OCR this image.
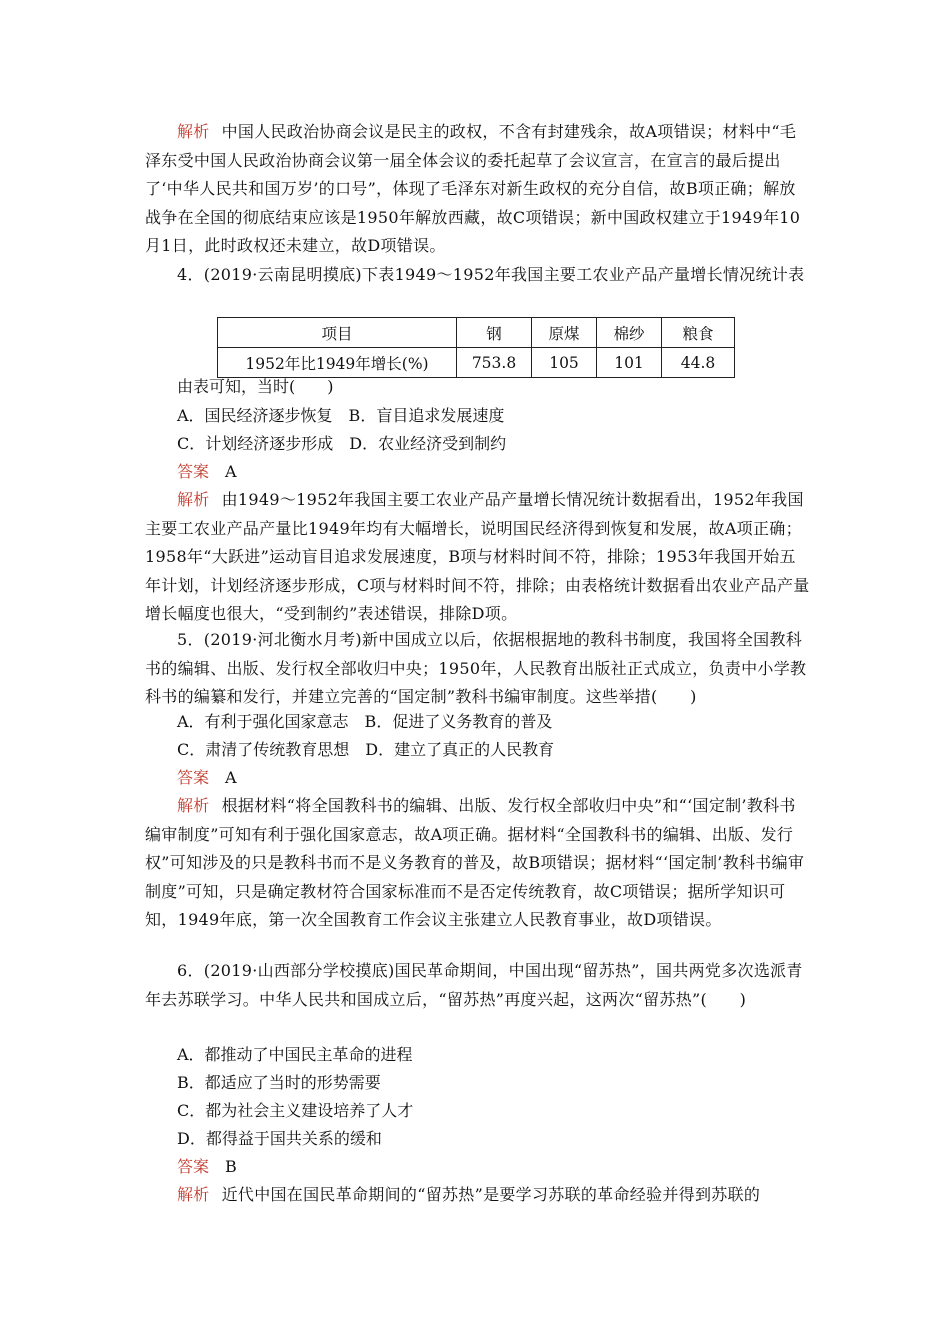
解析 中国人民政治协商会议是民主的政权，不含有封建残余，故A项错误；材料中“毛泽东受中国人民政治协商会议第一届全体会议的委托起草了会议宣言，在宣言的最后提出了‘中华人民共和国万岁’的口号”，体现了毛泽东对新生政权的充分自信，故B项正确；解放战争在全国的彻底结束应该是1950年解放西藏，故C项错误；新中国政权建立于1949年10月1日，此时政权还未建立，故D项错误。
4．(2019·云南昆明摸底)下表1949～1952年我国主要工农业产品产量增长情况统计表
项目	钢	原煤	棉纱	粮食
1952年比1949年增长(%)	753.8	105	101	44.8
由表可知，当时(　　)
A．国民经济逐步恢复　B．盲目追求发展速度
C．计划经济逐步形成　D．农业经济受到制约
答案 A
解析 由1949～1952年我国主要工农业产品产量增长情况统计数据看出，1952年我国主要工农业产品产量比1949年均有大幅增长，说明国民经济得到恢复和发展，故A项正确；1958年“大跃进”运动盲目追求发展速度，B项与材料时间不符，排除；1953年我国开始五年计划，计划经济逐步形成，C项与材料时间不符，排除；由表格统计数据看出农业产品产量增长幅度也很大，“受到制约”表述错误，排除D项。
5．(2019·河北衡水月考)新中国成立以后，依据根据地的教科书制度，我国将全国教科书的编辑、出版、发行权全部收归中央；1950年，人民教育出版社正式成立，负责中小学教科书的编纂和发行，并建立完善的“国定制”教科书编审制度。这些举措(　　)
A．有利于强化国家意志　B．促进了义务教育的普及
C．肃清了传统教育思想　D．建立了真正的人民教育
答案 A
解析 根据材料“将全国教科书的编辑、出版、发行权全部收归中央”和“‘国定制’教科书编审制度”可知有利于强化国家意志，故A项正确。据材料“全国教科书的编辑、出版、发行权”可知涉及的只是教科书而不是义务教育的普及，故B项错误；据材料“‘国定制’教科书编审制度”可知，只是确定教材符合国家标准而不是否定传统教育，故C项错误；据所学知识可知，1949年底，第一次全国教育工作会议主张建立人民教育事业，故D项错误。
6．(2019·山西部分学校摸底)国民革命期间，中国出现“留苏热”，国共两党多次选派青年去苏联学习。中华人民共和国成立后，“留苏热”再度兴起，这两次“留苏热”(　　)
A．都推动了中国民主革命的进程
B．都适应了当时的形势需要
C．都为社会主义建设培养了人才
D．都得益于国共关系的缓和
答案 B
解析 近代中国在国民革命期间的“留苏热”是要学习苏联的革命经验并得到苏联的
